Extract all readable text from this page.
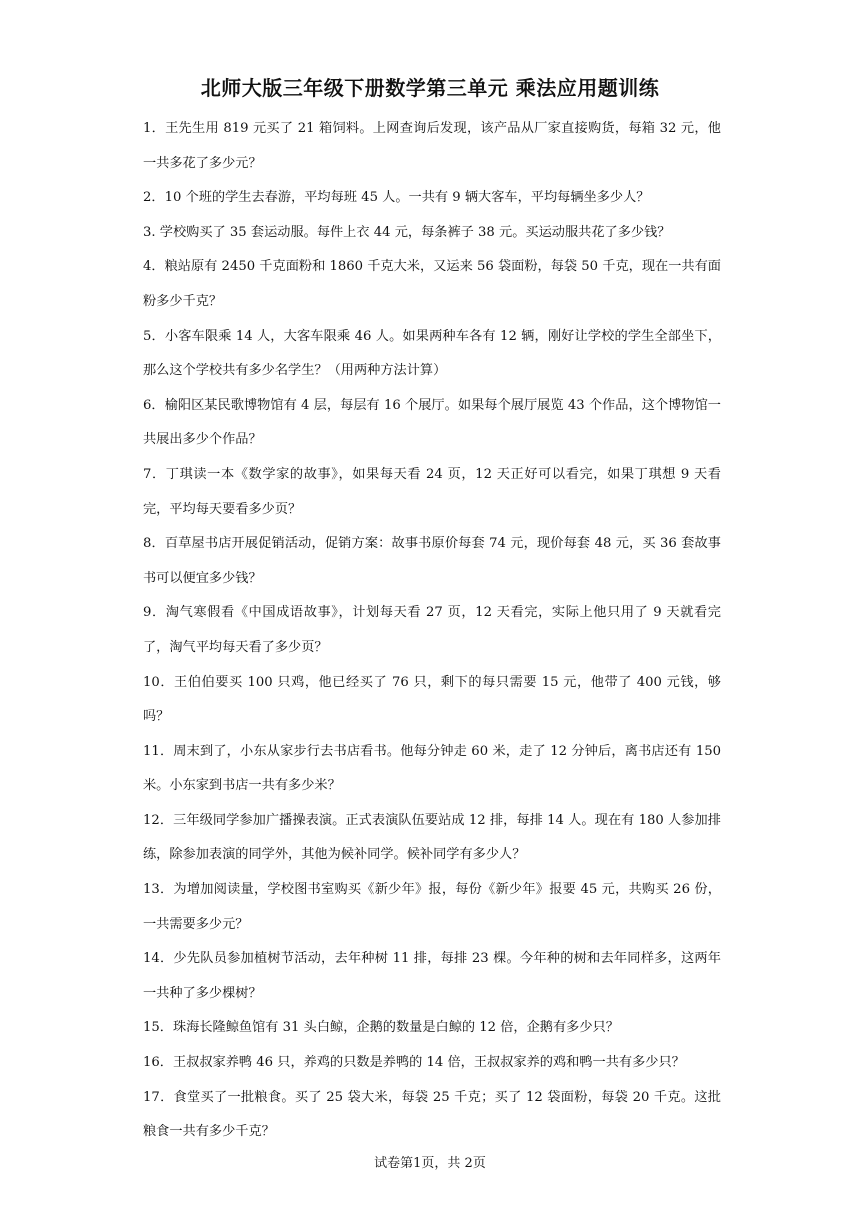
北师大版三年级下册数学第三单元 乘法应用题训练
1．王先生用 819 元买了 21 箱饲料。上网查询后发现，该产品从厂家直接购货，每箱 32 元，他一共多花了多少元？
2．10 个班的学生去春游，平均每班 45 人。一共有 9 辆大客车，平均每辆坐多少人？
3. 学校购买了 35 套运动服。每件上衣 44 元，每条裤子 38 元。买运动服共花了多少钱？
4．粮站原有 2450 千克面粉和 1860 千克大米，又运来 56 袋面粉，每袋 50 千克，现在一共有面粉多少千克？
5．小客车限乘 14 人，大客车限乘 46 人。如果两种车各有 12 辆，刚好让学校的学生全部坐下，那么这个学校共有多少名学生？（用两种方法计算）
6．榆阳区某民歌博物馆有 4 层，每层有 16 个展厅。如果每个展厅展览 43 个作品，这个博物馆一共展出多少个作品？
7．丁琪读一本《数学家的故事》，如果每天看 24 页，12 天正好可以看完，如果丁琪想 9 天看完，平均每天要看多少页？
8．百草屋书店开展促销活动，促销方案：故事书原价每套 74 元，现价每套 48 元，买 36 套故事书可以便宜多少钱？
9．淘气寒假看《中国成语故事》，计划每天看 27 页，12 天看完，实际上他只用了 9 天就看完了，淘气平均每天看了多少页？
10．王伯伯要买 100 只鸡，他已经买了 76 只，剩下的每只需要 15 元，他带了 400 元钱，够吗？
11．周末到了，小东从家步行去书店看书。他每分钟走 60 米，走了 12 分钟后，离书店还有 150 米。小东家到书店一共有多少米？
12．三年级同学参加广播操表演。正式表演队伍要站成 12 排，每排 14 人。现在有 180 人参加排练，除参加表演的同学外，其他为候补同学。候补同学有多少人？
13．为增加阅读量，学校图书室购买《新少年》报，每份《新少年》报要 45 元，共购买 26 份，一共需要多少元？
14．少先队员参加植树节活动，去年种树 11 排，每排 23 棵。今年种的树和去年同样多，这两年一共种了多少棵树？
15．珠海长隆鲸鱼馆有 31 头白鲸，企鹅的数量是白鲸的 12 倍，企鹅有多少只？
16．王叔叔家养鸭 46 只，养鸡的只数是养鸭的 14 倍，王叔叔家养的鸡和鸭一共有多少只？
17．食堂买了一批粮食。买了 25 袋大米，每袋 25 千克；买了 12 袋面粉，每袋 20 千克。这批粮食一共有多少千克？
试卷第1页，共 2页
